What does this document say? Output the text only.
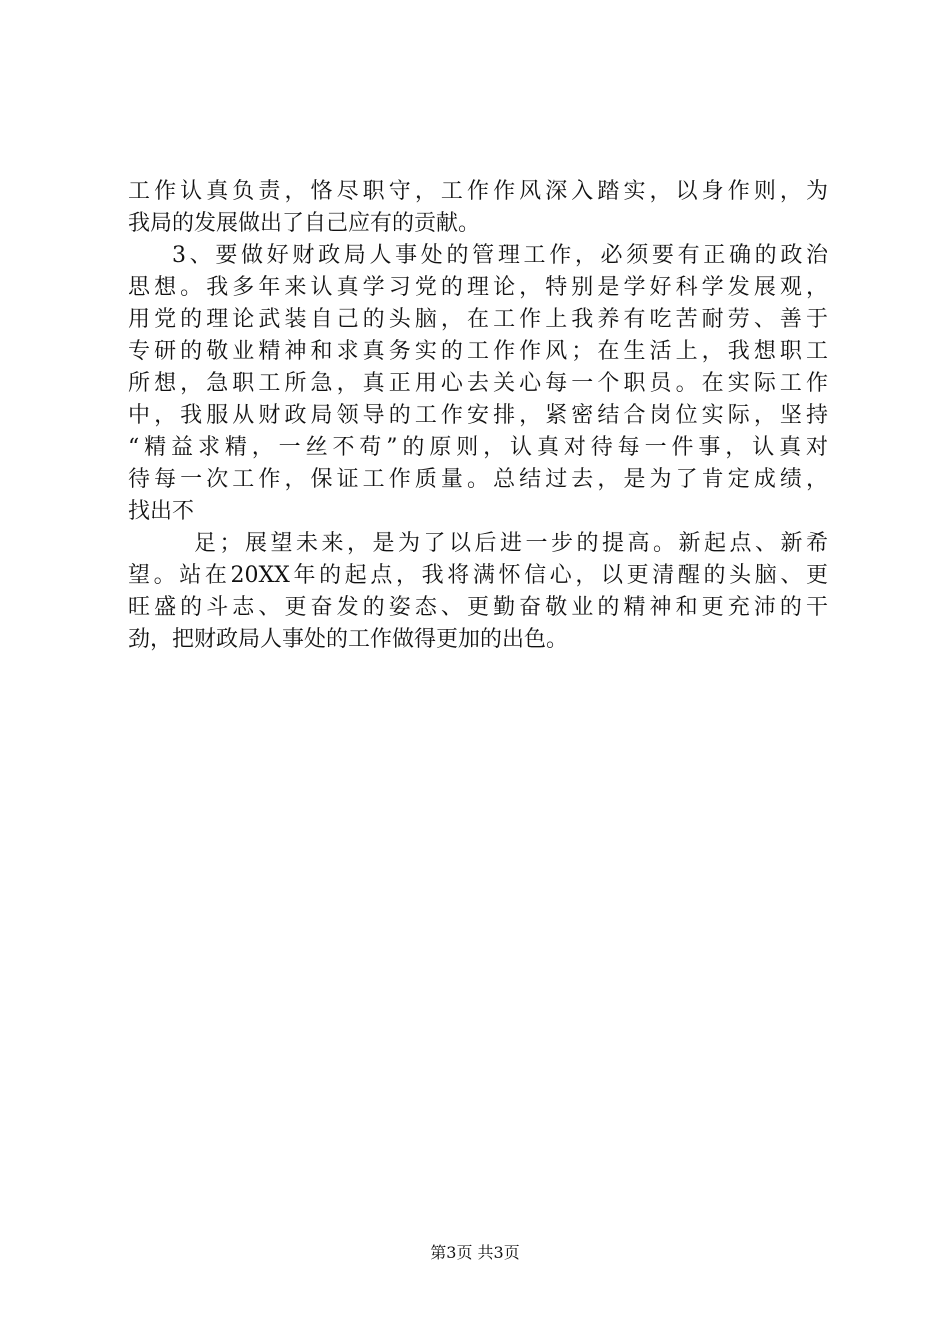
工作认真负责，恪尽职守，工作作风深入踏实，以身作则，为
我局的发展做出了自己应有的贡献。
3、要做好财政局人事处的管理工作，必须要有正确的政治
思想。我多年来认真学习党的理论，特别是学好科学发展观，
用党的理论武装自己的头脑，在工作上我养有吃苦耐劳、善于
专研的敬业精神和求真务实的工作作风；在生活上，我想职工
所想，急职工所急，真正用心去关心每一个职员。在实际工作
中，我服从财政局领导的工作安排，紧密结合岗位实际，坚持
“精益求精，一丝不苟”的原则，认真对待每一件事，认真对
待每一次工作，保证工作质量。总结过去，是为了肯定成绩，
找出不
足；展望未来，是为了以后进一步的提高。新起点、新希
望。站在20XX年的起点，我将满怀信心，以更清醒的头脑、更
旺盛的斗志、更奋发的姿态、更勤奋敬业的精神和更充沛的干
劲，把财政局人事处的工作做得更加的出色。
第3页 共3页
